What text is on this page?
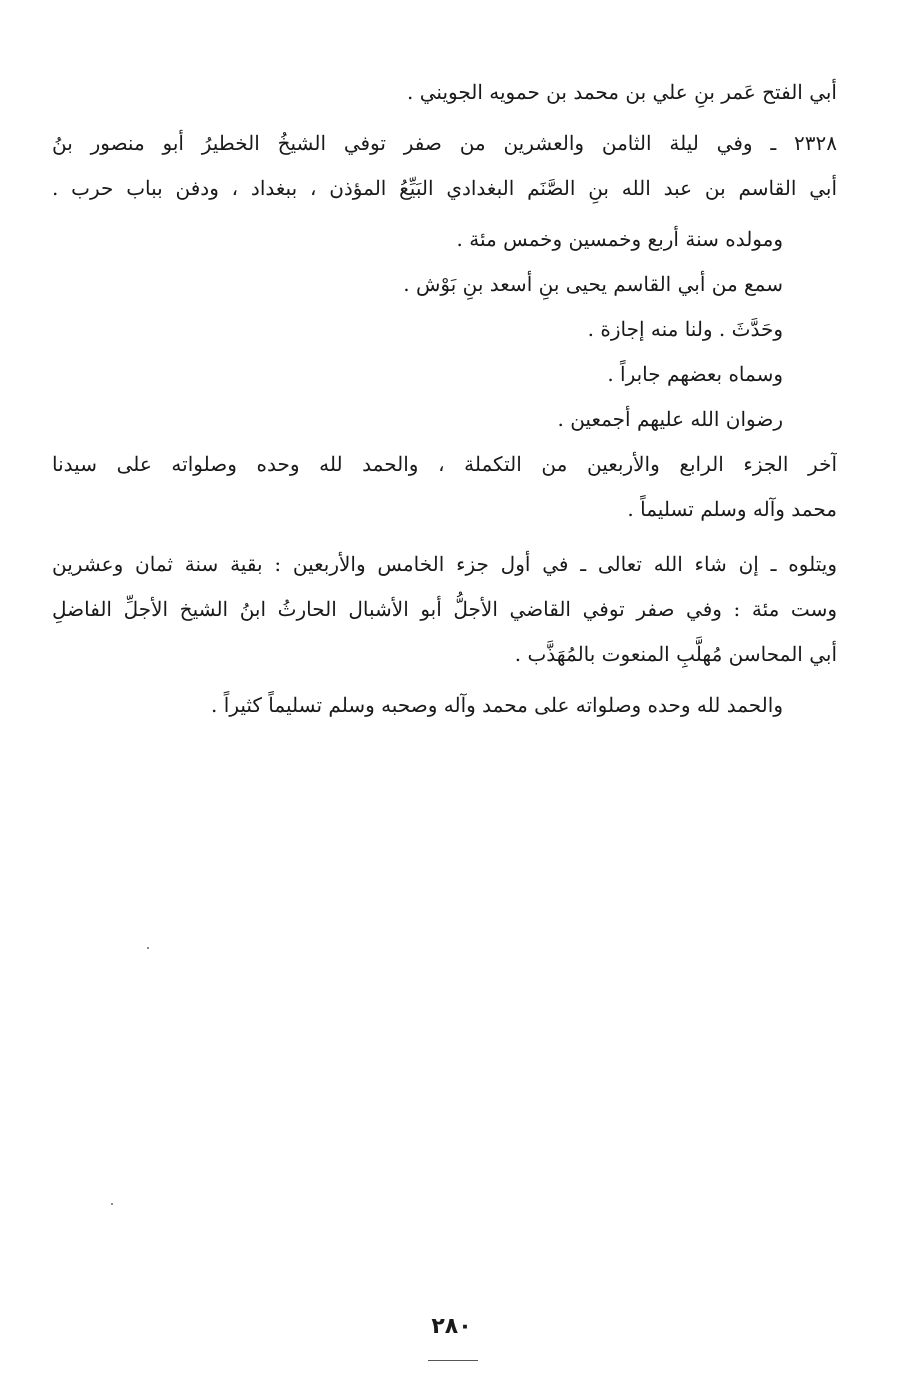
أبي الفتح عَمر بنِ علي بن محمد بن حمويه الجويني .
٢٣٢٨ ـ وفي ليلة الثامن والعشرين من صفر توفي الشيخُ الخطيرُ أبو منصور بنُ
أبي القاسم بن عبد الله بنِ الصَّنَم البغدادي البَيِّعُ المؤذن ، ببغداد ، ودفن بباب حرب .
ومولده سنة أربع وخمسين وخمس مئة .
سمع من أبي القاسم يحيى بنِ أسعد بنِ بَوْش .
وحَدَّثَ . ولنا منه إجازة .
وسماه بعضهم جابراً .
رضوان الله عليهم أجمعين .
آخر الجزء الرابع والأربعين من التكملة ، والحمد لله وحده وصلواته على سيدنا
محمد وآله وسلم تسليماً .
ويتلوه ـ إن شاء الله تعالى ـ في أول جزء الخامس والأربعين : بقية سنة ثمان وعشرين
وست مئة : وفي صفر توفي القاضي الأجلُّ أبو الأشبال الحارثُ ابنُ الشيخ الأجلِّ الفاضلِ
أبي المحاسن مُهلَّبِ المنعوت بالمُهَذَّب .
والحمد لله وحده وصلواته على محمد وآله وصحبه وسلم تسليماً كثيراً .
٢٨٠
